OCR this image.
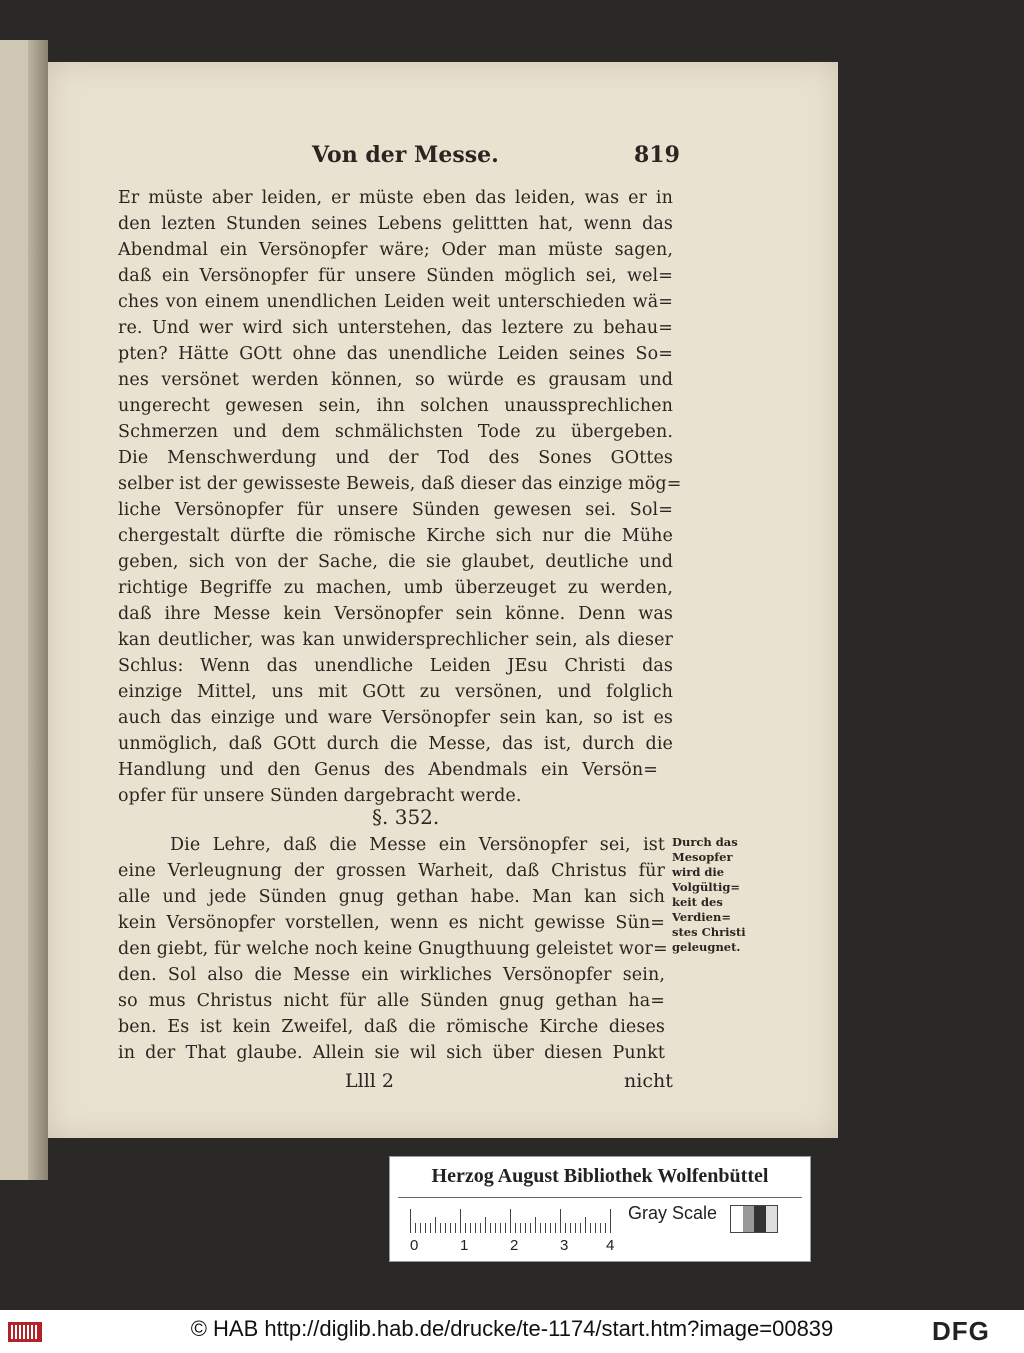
Von der Messe.	819
Er müste aber leiden, er müste eben das leiden, was er in
den lezten Stunden seines Lebens gelittten hat, wenn das
Abendmal ein Versönopfer wäre; Oder man müste sagen,
daß ein Versönopfer für unsere Sünden möglich sei, wel=
ches von einem unendlichen Leiden weit unterschieden wä=
re. Und wer wird sich unterstehen, das leztere zu behau=
pten? Hätte GOtt ohne das unendliche Leiden seines So=
nes versönet werden können, so würde es grausam und
ungerecht gewesen sein, ihn solchen unaussprechlichen
Schmerzen und dem schmälichsten Tode zu übergeben.
Die Menschwerdung und der Tod des Sones GOttes
selber ist der gewisseste Beweis, daß dieser das einzige mög=
liche Versönopfer für unsere Sünden gewesen sei. Sol=
chergestalt dürfte die römische Kirche sich nur die Mühe
geben, sich von der Sache, die sie glaubet, deutliche und
richtige Begriffe zu machen, umb überzeuget zu werden,
daß ihre Messe kein Versönopfer sein könne. Denn was
kan deutlicher, was kan unwidersprechlicher sein, als dieser
Schlus: Wenn das unendliche Leiden JEsu Christi das
einzige Mittel, uns mit GOtt zu versönen, und folglich
auch das einzige und ware Versönopfer sein kan, so ist es
unmöglich, daß GOtt durch die Messe, das ist, durch die
Handlung und den Genus des Abendmals ein Versön=
opfer für unsere Sünden dargebracht werde.
§. 352.
Die Lehre, daß die Messe ein Versönopfer sei, ist
eine Verleugnung der grossen Warheit, daß Christus für
alle und jede Sünden gnug gethan habe. Man kan sich
kein Versönopfer vorstellen, wenn es nicht gewisse Sün=
den giebt, für welche noch keine Gnugthuung geleistet wor=
den. Sol also die Messe ein wirkliches Versönopfer sein,
so mus Christus nicht für alle Sünden gnug gethan ha=
ben. Es ist kein Zweifel, daß die römische Kirche dieses
in der That glaube. Allein sie wil sich über diesen Punkt
Llll 2	nicht
Durch das
Mesopfer
wird die
Volgültig=
keit des
Verdien=
stes Christi
geleugnet.
Herzog August Bibliothek Wolfenbüttel
0	1	2	3	4
Gray Scale
© HAB http://diglib.hab.de/drucke/te-1174/start.htm?image=00839	DFG
